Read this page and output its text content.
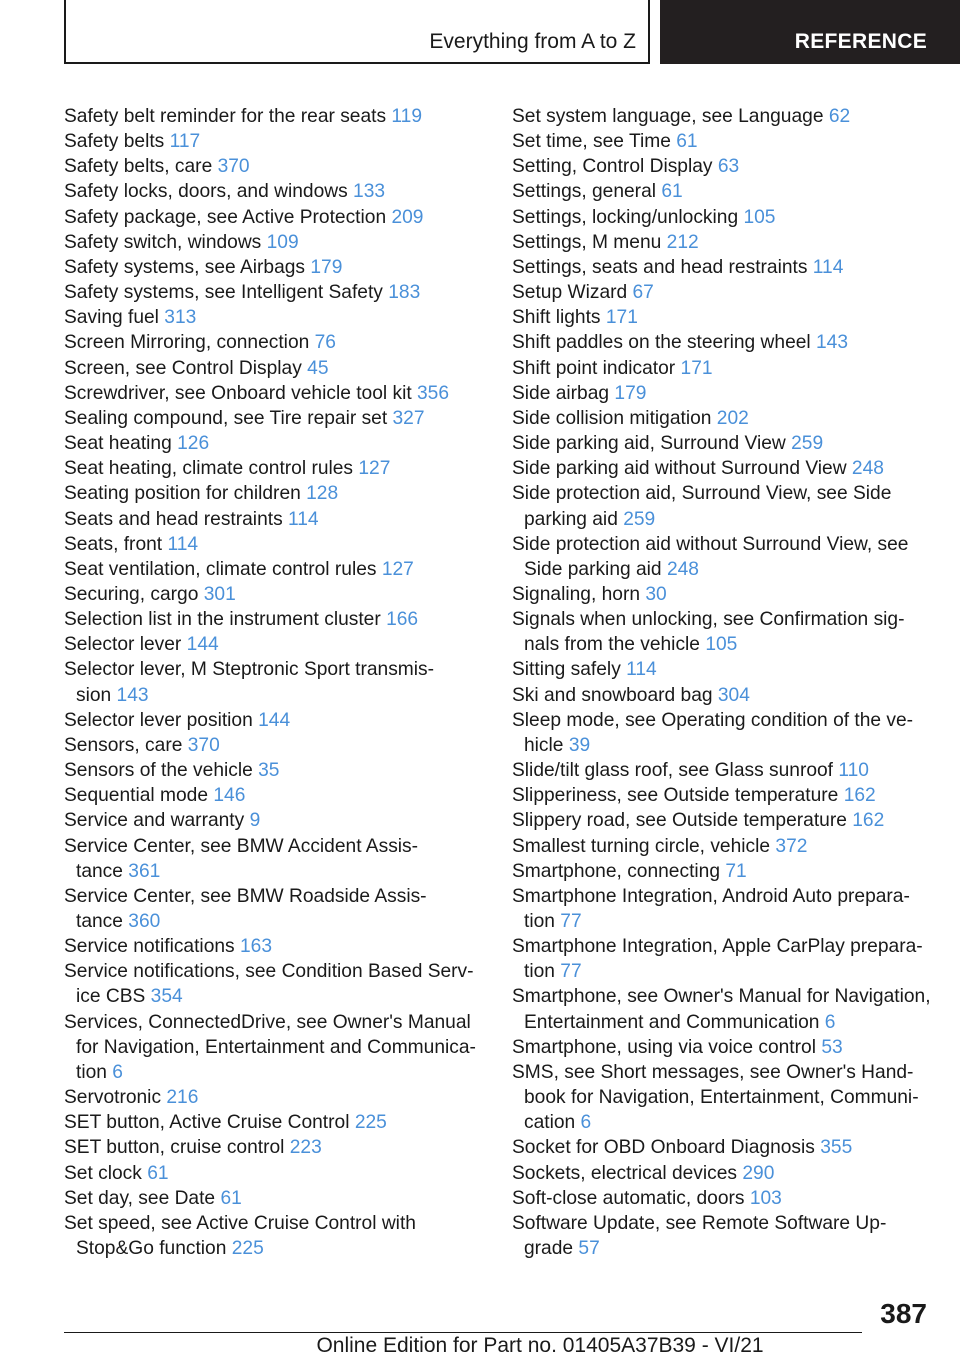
Everything from A to Z	REFERENCE
Safety belt reminder for the rear seats 119
Safety belts 117
Safety belts, care 370
Safety locks, doors, and windows 133
Safety package, see Active Protection 209
Safety switch, windows 109
Safety systems, see Airbags 179
Safety systems, see Intelligent Safety 183
Saving fuel 313
Screen Mirroring, connection 76
Screen, see Control Display 45
Screwdriver, see Onboard vehicle tool kit 356
Sealing compound, see Tire repair set 327
Seat heating 126
Seat heating, climate control rules 127
Seating position for children 128
Seats and head restraints 114
Seats, front 114
Seat ventilation, climate control rules 127
Securing, cargo 301
Selection list in the instrument cluster 166
Selector lever 144
Selector lever, M Steptronic Sport transmis-
sion 143
Selector lever position 144
Sensors, care 370
Sensors of the vehicle 35
Sequential mode 146
Service and warranty 9
Service Center, see BMW Accident Assis-
tance 361
Service Center, see BMW Roadside Assis-
tance 360
Service notifications 163
Service notifications, see Condition Based Serv-
ice CBS 354
Services, ConnectedDrive, see Owner's Manual
for Navigation, Entertainment and Communica-
tion 6
Servotronic 216
SET button, Active Cruise Control 225
SET button, cruise control 223
Set clock 61
Set day, see Date 61
Set speed, see Active Cruise Control with
Stop&Go function 225
Set system language, see Language 62
Set time, see Time 61
Setting, Control Display 63
Settings, general 61
Settings, locking/unlocking 105
Settings, M menu 212
Settings, seats and head restraints 114
Setup Wizard 67
Shift lights 171
Shift paddles on the steering wheel 143
Shift point indicator 171
Side airbag 179
Side collision mitigation 202
Side parking aid, Surround View 259
Side parking aid without Surround View 248
Side protection aid, Surround View, see Side
parking aid 259
Side protection aid without Surround View, see
Side parking aid 248
Signaling, horn 30
Signals when unlocking, see Confirmation sig-
nals from the vehicle 105
Sitting safely 114
Ski and snowboard bag 304
Sleep mode, see Operating condition of the ve-
hicle 39
Slide/tilt glass roof, see Glass sunroof 110
Slipperiness, see Outside temperature 162
Slippery road, see Outside temperature 162
Smallest turning circle, vehicle 372
Smartphone, connecting 71
Smartphone Integration, Android Auto prepara-
tion 77
Smartphone Integration, Apple CarPlay prepara-
tion 77
Smartphone, see Owner's Manual for Navigation,
Entertainment and Communication 6
Smartphone, using via voice control 53
SMS, see Short messages, see Owner's Hand-
book for Navigation, Entertainment, Communi-
cation 6
Socket for OBD Onboard Diagnosis 355
Sockets, electrical devices 290
Soft-close automatic, doors 103
Software Update, see Remote Software Up-
grade 57
387
Online Edition for Part no. 01405A37B39 - VI/21
